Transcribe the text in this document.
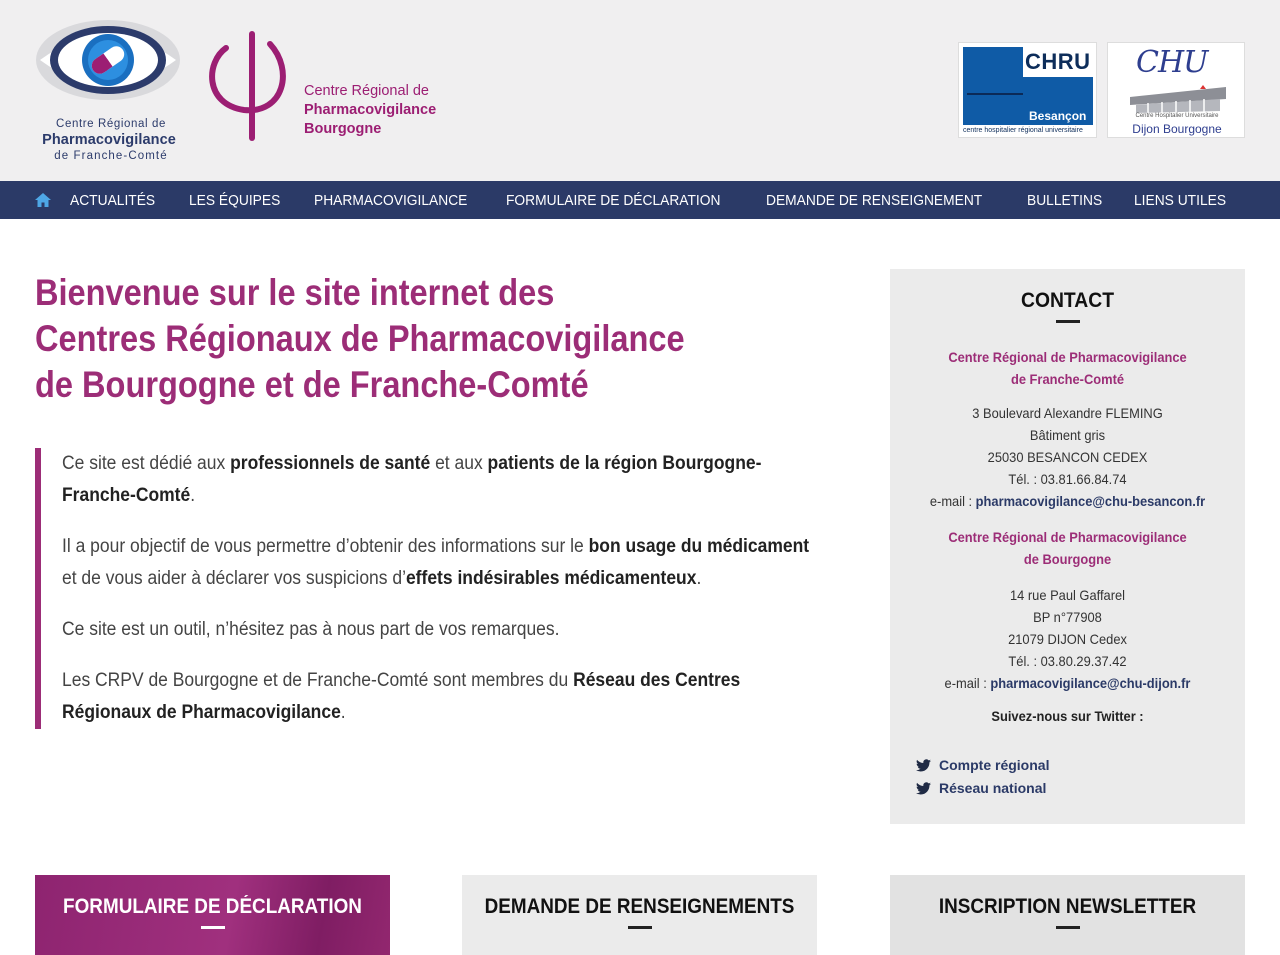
Centre Régional de
Pharmacovigilance
de Franche-Comté
Centre Régional de
Pharmacovigilance
Bourgogne
CHRU
Besançon
centre hospitalier régional universitaire
CHU
Centre Hospitalier Universitaire
Dijon Bourgogne
ACTUALITÉS LES ÉQUIPES PHARMACOVIGILANCE	FORMULAIRE DE DÉCLARATION	DEMANDE DE RENSEIGNEMENT	BULLETINS LIENS UTILES
Bienvenue sur le site internet des
Centres Régionaux de Pharmacovigilance
de Bourgogne et de Franche-Comté

Ce site est dédié aux professionnels de santé et aux patients de la région Bourgogne-Franche-Comté.

Il a pour objectif de vous permettre d’obtenir des informations sur le bon usage du médicament et de vous aider à déclarer vos suspicions d’effets indésirables médicamenteux.

Ce site est un outil, n’hésitez pas à nous part de vos remarques.

Les CRPV de Bourgogne et de Franche-Comté sont membres du Réseau des Centres Régionaux de Pharmacovigilance.

CONTACT
Centre Régional de Pharmacovigilance
de Franche-Comté
3 Boulevard Alexandre FLEMING
Bâtiment gris
25030 BESANCON CEDEX
Tél. : 03.81.66.84.74
e-mail : pharmacovigilance@chu-besancon.fr
Centre Régional de Pharmacovigilance
de Bourgogne
14 rue Paul Gaffarel
BP n°77908
21079 DIJON Cedex
Tél. : 03.80.29.37.42
e-mail : pharmacovigilance@chu-dijon.fr
Suivez-nous sur Twitter :
Compte régional
Réseau national
FORMULAIRE DE DÉCLARATION	DEMANDE DE RENSEIGNEMENTS	INSCRIPTION NEWSLETTER
